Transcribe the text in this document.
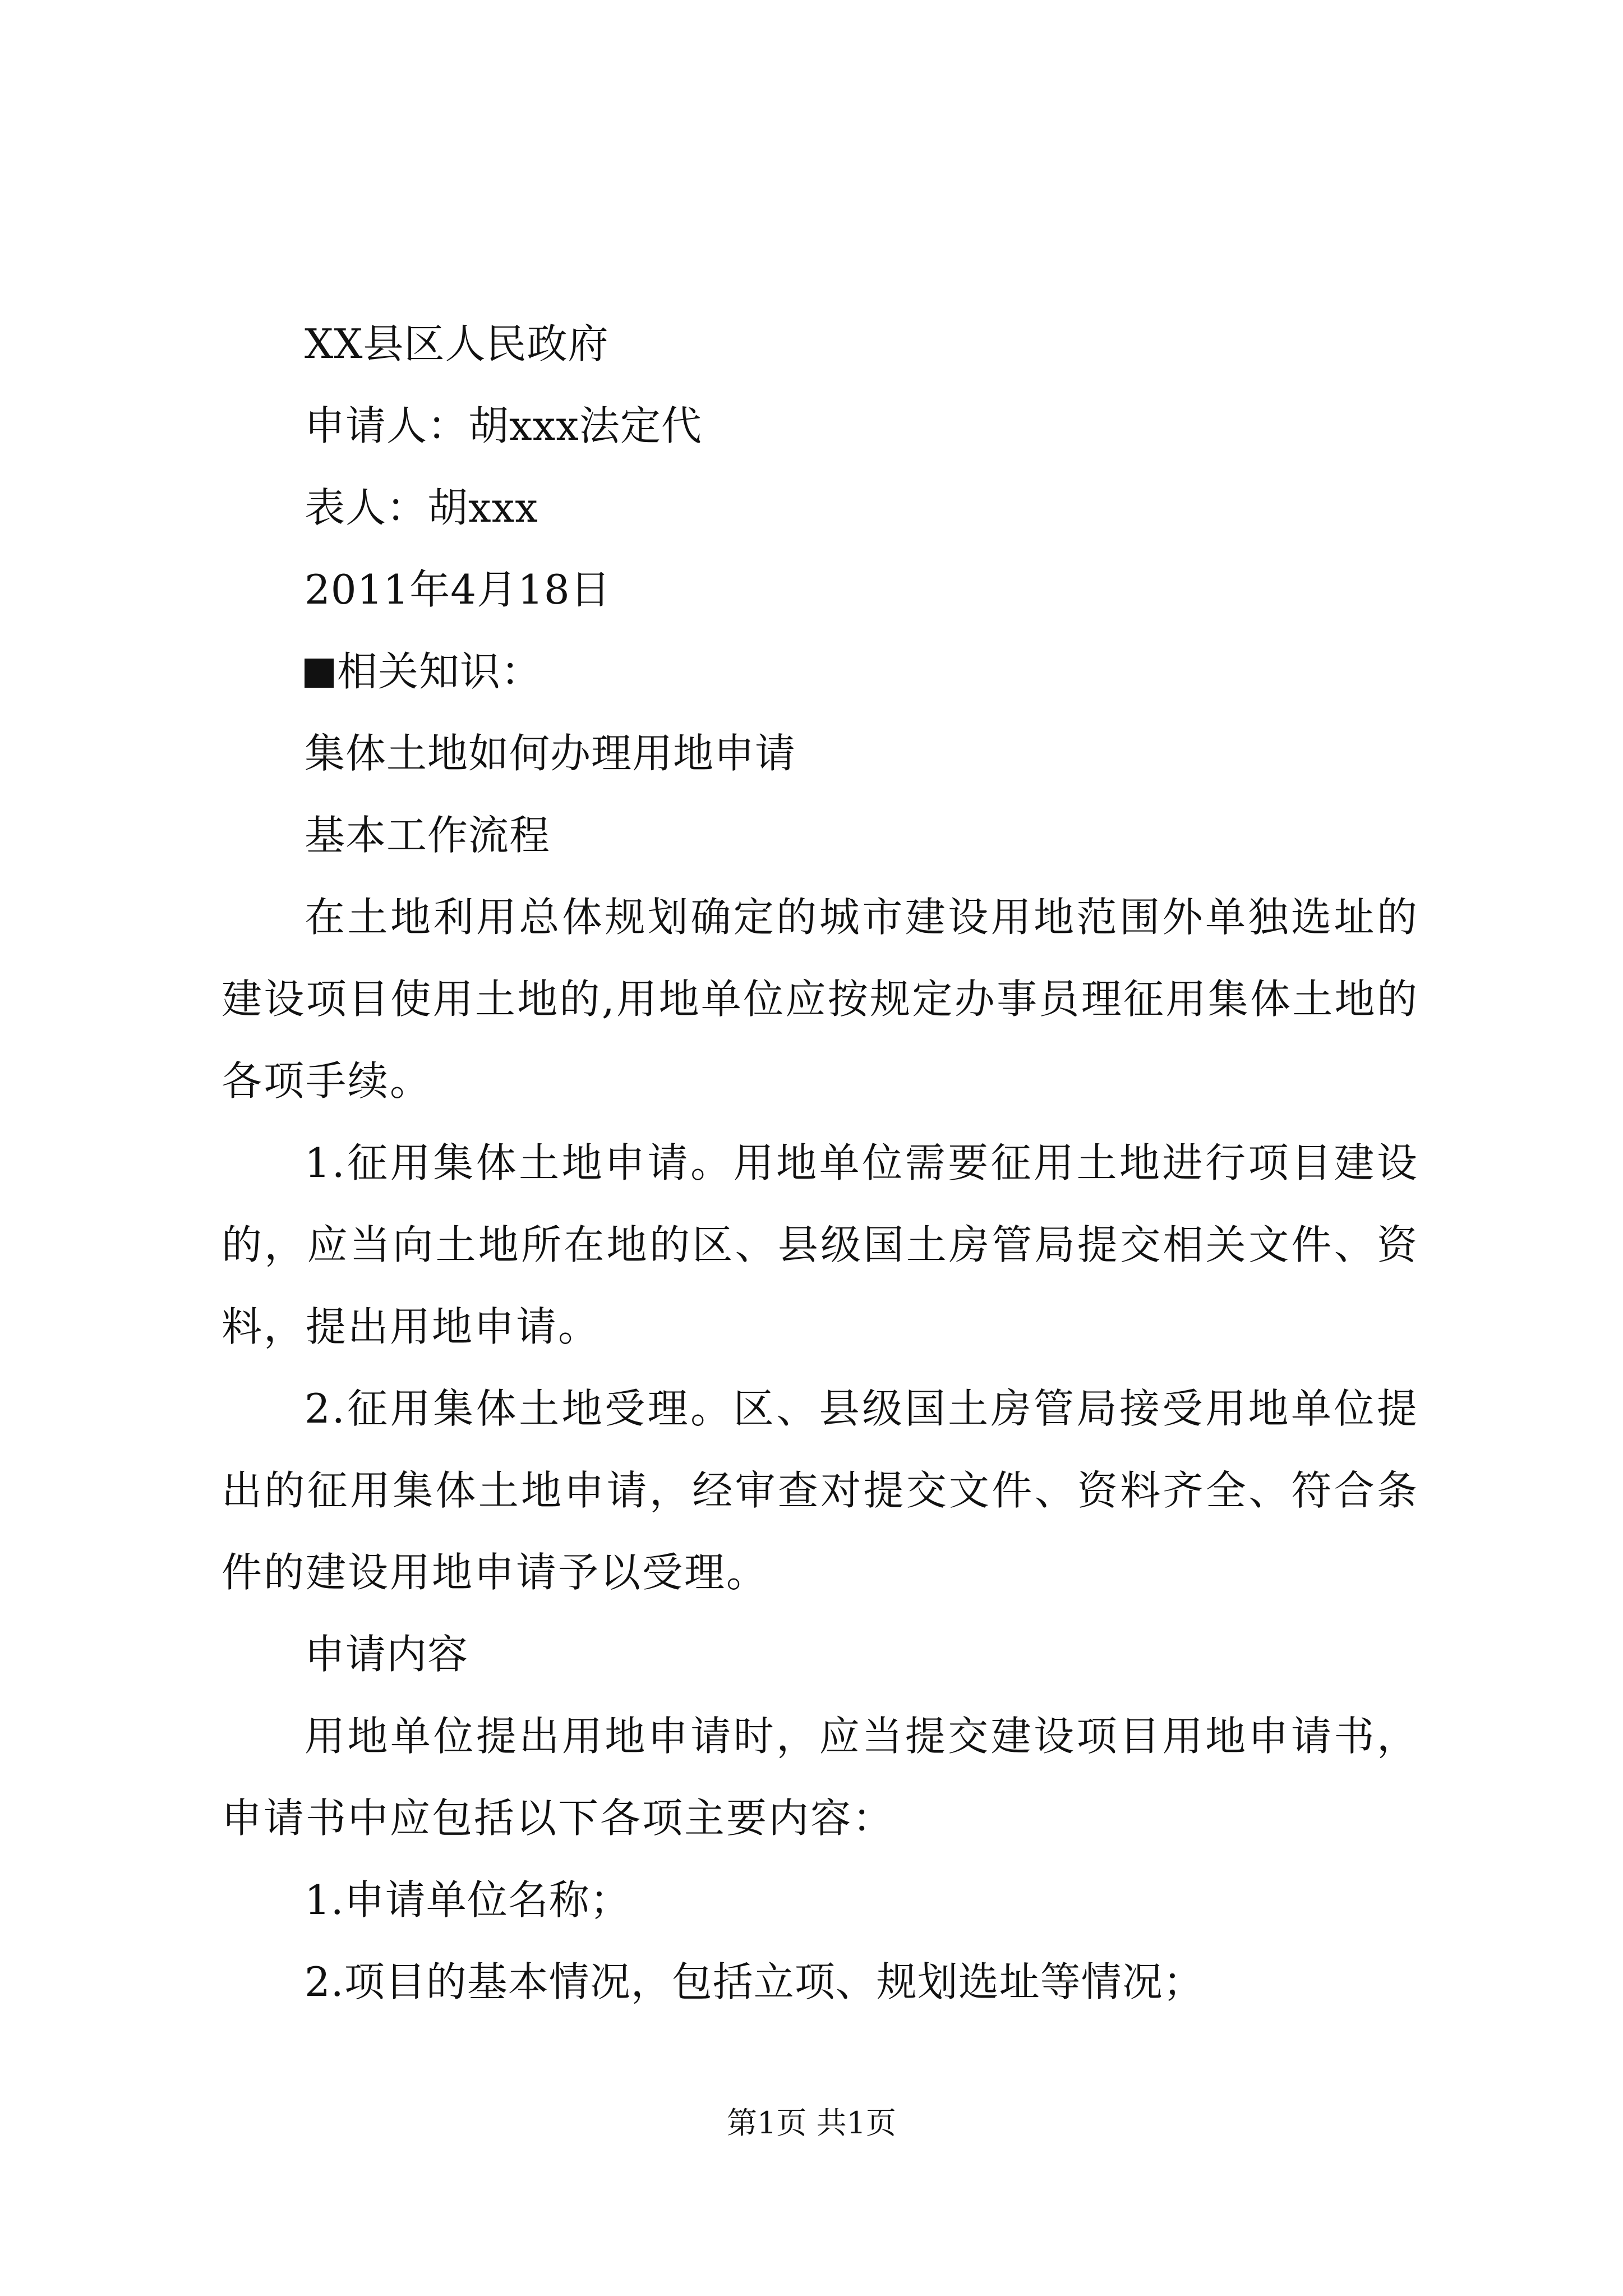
XX县区人民政府
申请人：胡xxx法定代
表人：胡xxx
2011年4月18日
相关知识：
集体土地如何办理用地申请
基本工作流程

在土地利用总体规划确定的城市建设用地范围外单独选址的建设项目使用土地的,用地单位应按规定办事员理征用集体土地的各项手续。

1.征用集体土地申请。用地单位需要征用土地进行项目建设的，应当向土地所在地的区、县级国土房管局提交相关文件、资料，提出用地申请。

2.征用集体土地受理。区、县级国土房管局接受用地单位提出的征用集体土地申请，经审查对提交文件、资料齐全、符合条件的建设用地申请予以受理。

申请内容

用地单位提出用地申请时，应当提交建设项目用地申请书，申请书中应包括以下各项主要内容：

1.申请单位名称；
2.项目的基本情况，包括立项、规划选址等情况；
第1页 共1页
